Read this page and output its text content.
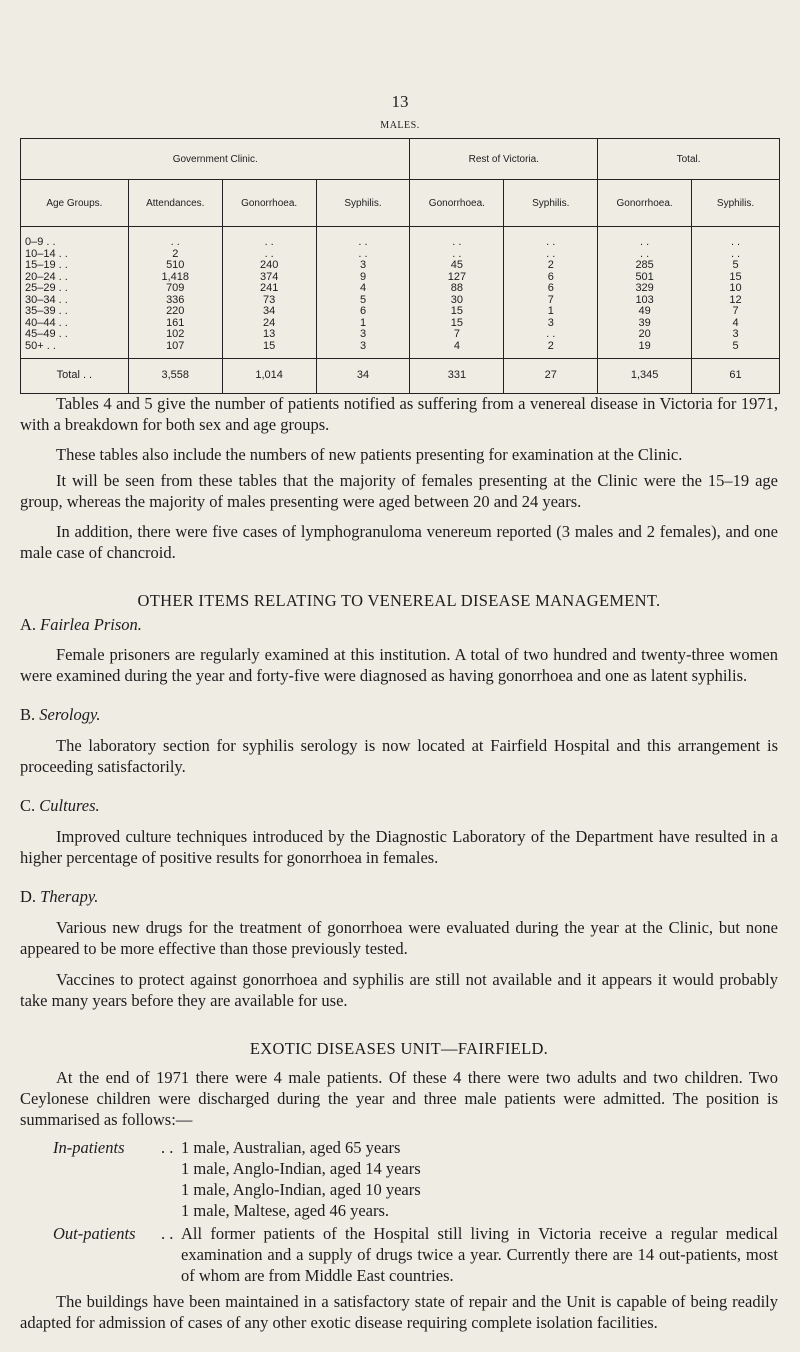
13
MALES.
Government Clinic.				Rest of Victoria.		Total.	
Age Groups.	Attendances.	Gonorrhoea.	Syphilis.	Gonorrhoea.	Syphilis.	Gonorrhoea.	Syphilis.
0–9 . .	. .	. .	. .	. .	. .	. .	. .
10–14 . .	2	. .	. .	. .	. .	. .	. .
15–19 . .	510	240	3	45	2	285	5
20–24 . .	1,418	374	9	127	6	501	15
25–29 . .	709	241	4	88	6	329	10
30–34 . .	336	73	5	30	7	103	12
35–39 . .	220	34	6	15	1	49	7
40–44 . .	161	24	1	15	3	39	4
45–49 . .	102	13	3	7	. .	20	3
50+ . .	107	15	3	4	2	19	5
Total . .	3,558	1,014	34	331	27	1,345	61

Tables 4 and 5 give the number of patients notified as suffering from a venereal disease in Victoria for 1971, with a breakdown for both sex and age groups.

These tables also include the numbers of new patients presenting for examination at the Clinic.

It will be seen from these tables that the majority of females presenting at the Clinic were the 15–19 age group, whereas the majority of males presenting were aged between 20 and 24 years.

In addition, there were five cases of lymphogranuloma venereum reported (3 males and 2 females), and one male case of chancroid.

OTHER ITEMS RELATING TO VENEREAL DISEASE MANAGEMENT.

A. Fairlea Prison.

Female prisoners are regularly examined at this institution. A total of two hundred and twenty-three women were examined during the year and forty-five were diagnosed as having gonorrhoea and one as latent syphilis.

B. Serology.

The laboratory section for syphilis serology is now located at Fairfield Hospital and this arrangement is proceeding satisfactorily.

C. Cultures.

Improved culture techniques introduced by the Diagnostic Laboratory of the Department have resulted in a higher percentage of positive results for gonorrhoea in females.

D. Therapy.

Various new drugs for the treatment of gonorrhoea were evaluated during the year at the Clinic, but none appeared to be more effective than those previously tested.

Vaccines to protect against gonorrhoea and syphilis are still not available and it appears it would probably take many years before they are available for use.

EXOTIC DISEASES UNIT—FAIRFIELD.

At the end of 1971 there were 4 male patients. Of these 4 there were two adults and two children. Two Ceylonese children were discharged during the year and three male patients were admitted. The position is summarised as follows:—

In-patients	. . 1 male, Australian, aged 65 years
1 male, Anglo-Indian, aged 14 years
1 male, Anglo-Indian, aged 10 years
1 male, Maltese, aged 46 years.
Out-patients	. . All former patients of the Hospital still living in Victoria receive a regular medical examination and a supply of drugs twice a year. Currently there are 14 out-patients, most of whom are from Middle East countries.

The buildings have been maintained in a satisfactory state of repair and the Unit is capable of being readily adapted for admission of cases of any other exotic disease requiring complete isolation facilities.
